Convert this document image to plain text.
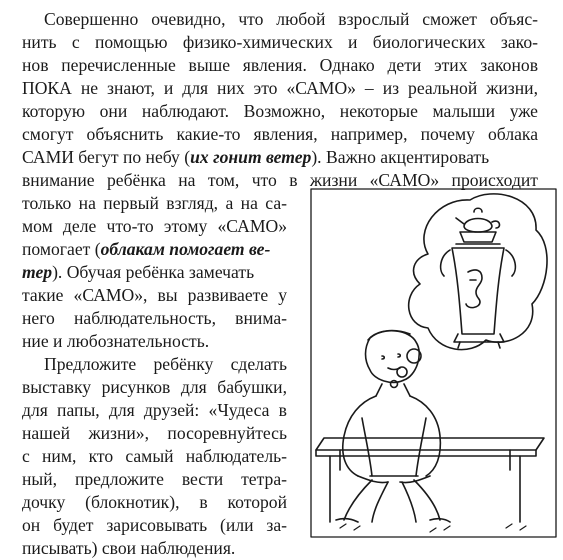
Совершенно очевидно, что любой взрослый сможет объяс-
нить с помощью физико-химических и биологических зако-
нов перечисленные выше явления. Однако дети этих законов
ПОКА не знают, и для них это «САМО» – из реальной жизни,
которую они наблюдают. Возможно, некоторые малыши уже
смогут объяснить какие-то явления, например, почему облака
САМИ бегут по небу (их гонит ветер). Важно акцентировать
внимание ребёнка на том, что в жизни «САМО» происходит
только на первый взгляд, а на са-
мом деле что-то этому «САМО»
помогает (облакам помогает ве-
тер). Обучая ребёнка замечать
такие «САМО», вы развиваете у
него наблюдательность, внима-
ние и любознательность.
Предложите ребёнку сделать
выставку рисунков для бабушки,
для папы, для друзей: «Чудеса в
нашей жизни», посоревнуйтесь
с ним, кто самый наблюдатель-
ный, предложите вести тетра-
дочку (блокнотик), в которой
он будет зарисовывать (или за-
писывать) свои наблюдения.
